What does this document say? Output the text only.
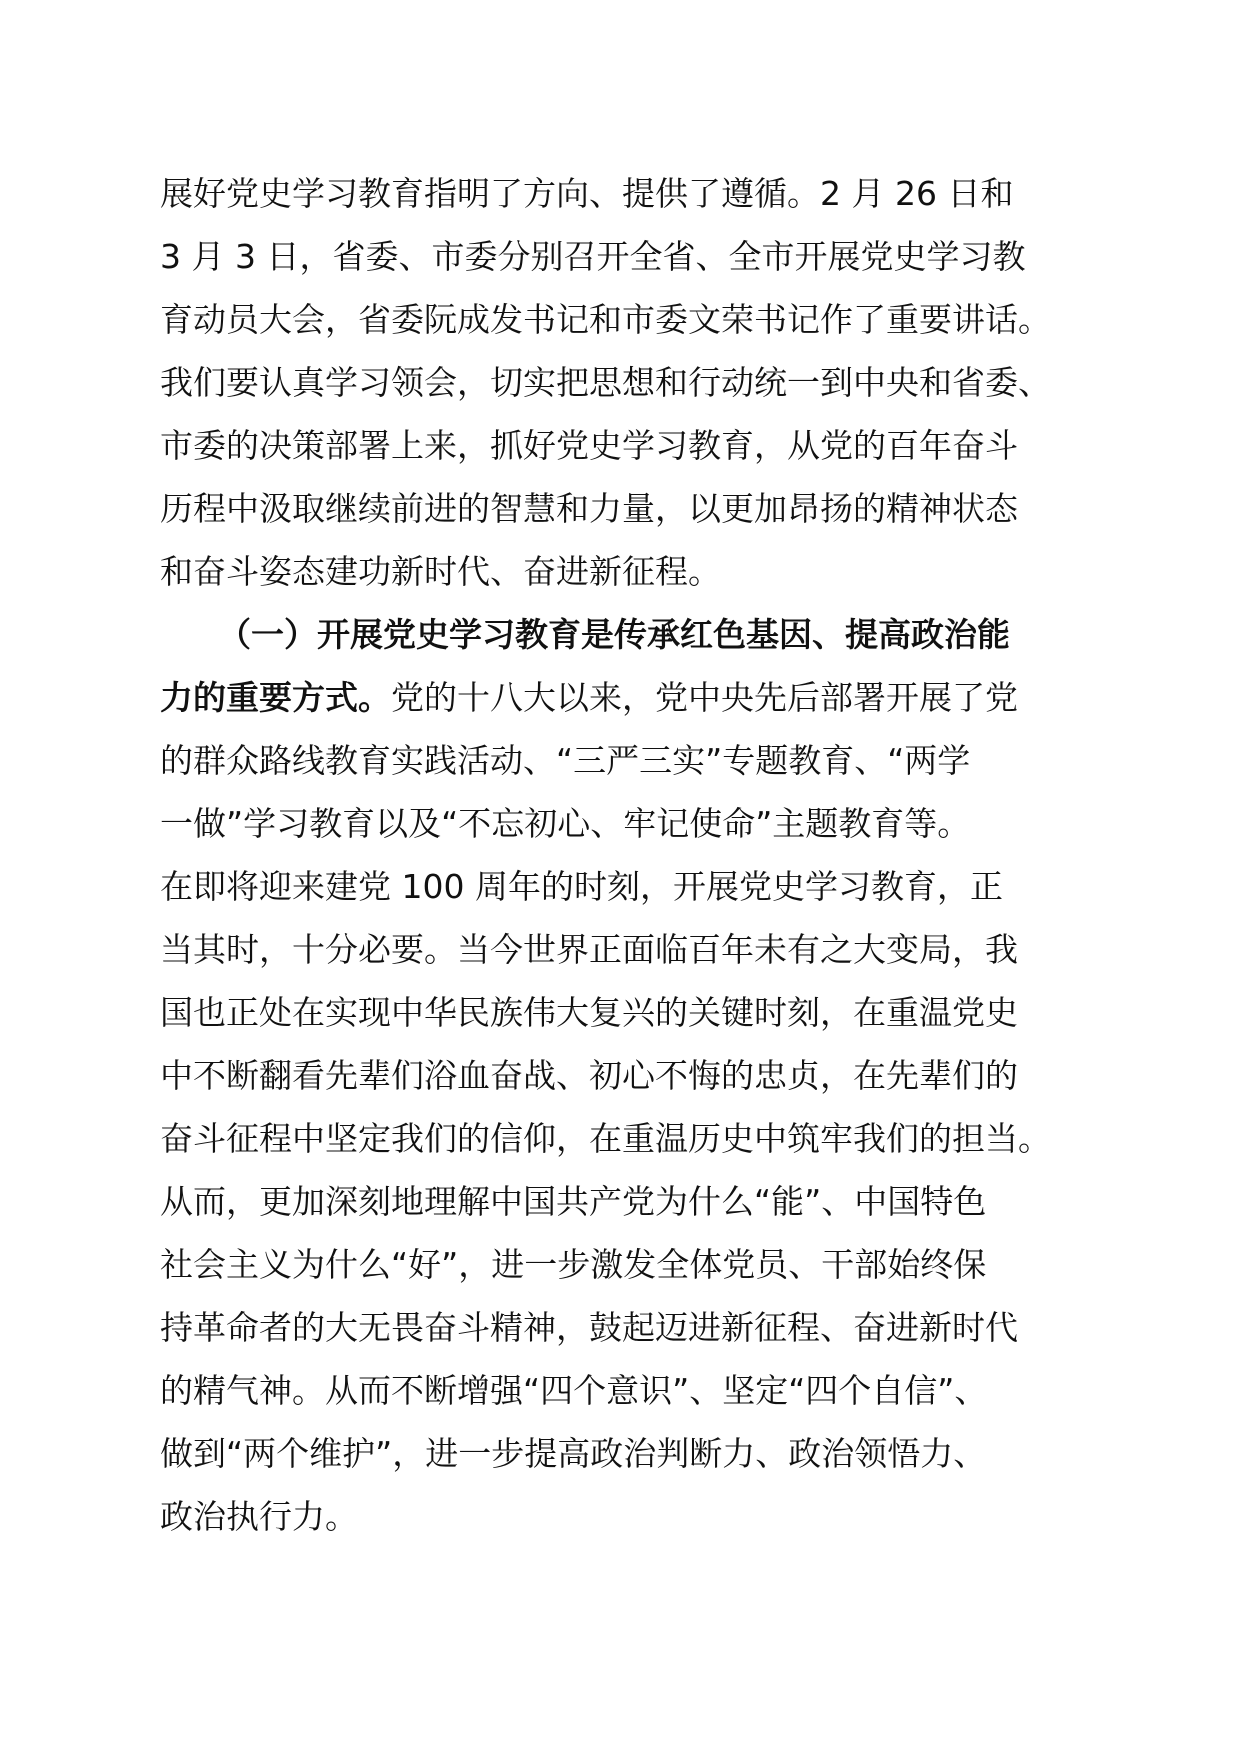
展好党史学习教育指明了方向、提供了遵循。2 月 26 日和
3 月 3 日，省委、市委分别召开全省、全市开展党史学习教
育动员大会，省委阮成发书记和市委文荣书记作了重要讲话。
我们要认真学习领会，切实把思想和行动统一到中央和省委、
市委的决策部署上来，抓好党史学习教育，从党的百年奋斗
历程中汲取继续前进的智慧和力量，以更加昂扬的精神状态
和奋斗姿态建功新时代、奋进新征程。
（一）开展党史学习教育是传承红色基因、提高政治能
力的重要方式。党的十八大以来，党中央先后部署开展了党
的群众路线教育实践活动、“三严三实”专题教育、“两学
一做”学习教育以及“不忘初心、牢记使命”主题教育等。
在即将迎来建党 100 周年的时刻，开展党史学习教育，正
当其时，十分必要。当今世界正面临百年未有之大变局，我
国也正处在实现中华民族伟大复兴的关键时刻，在重温党史
中不断翻看先辈们浴血奋战、初心不悔的忠贞，在先辈们的
奋斗征程中坚定我们的信仰，在重温历史中筑牢我们的担当。
从而，更加深刻地理解中国共产党为什么“能”、中国特色
社会主义为什么“好”，进一步激发全体党员、干部始终保
持革命者的大无畏奋斗精神，鼓起迈进新征程、奋进新时代
的精气神。从而不断增强“四个意识”、坚定“四个自信”、
做到“两个维护”，进一步提高政治判断力、政治领悟力、
政治执行力。
